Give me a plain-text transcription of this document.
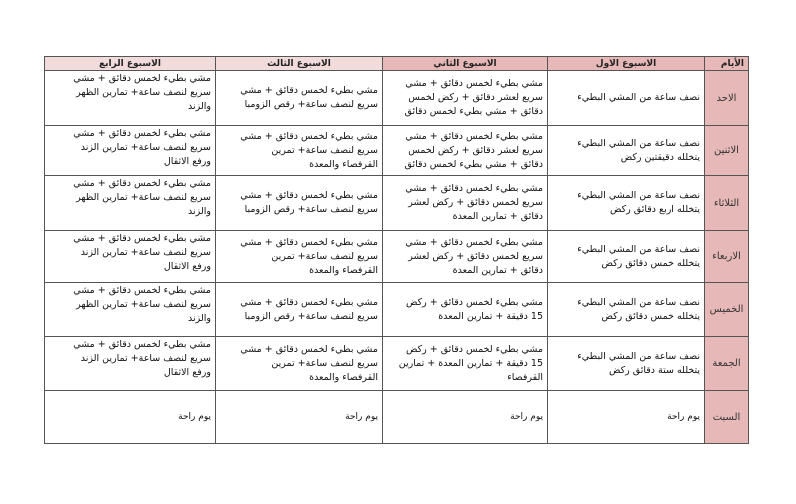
الأيام	الاسبوع الاول	الاسبوع الثاني	الاسبوع الثالث	الاسبوع الرابع
الاحد	نصف ساعة من المشي البطيء	مشي بطيء لخمس دقائق + مشي
سريع لعشر دقائق + ركض لخمس
دقائق + مشي بطيء لخمس دقائق	مشي بطيء لخمس دقائق + مشي
سريع لنصف ساعة+ رقص الزومبا	مشي بطيء لخمس دقائق + مشي
سريع لنصف ساعة+ تمارين الظهر
والزند
الاثنين	نصف ساعة من المشي البطيء
يتخلله دقيقتين ركض	مشي بطيء لخمس دقائق + مشي
سريع لعشر دقائق + ركض لخمس
دقائق + مشي بطيء لخمس دقائق	مشي بطيء لخمس دقائق + مشي
سريع لنصف ساعة+ تمرين
القرفصاء والمعدة	مشي بطيء لخمس دقائق + مشي
سريع لنصف ساعة+ تمارين الزند
ورفع الاثقال
الثلاثاء	نصف ساعة من المشي البطيء
يتخلله اربع دقائق ركض	مشي بطيء لخمس دقائق + مشي
سريع لخمس دقائق + ركض لعشر
دقائق + تمارين المعدة	مشي بطيء لخمس دقائق + مشي
سريع لنصف ساعة+ رقص الزومبا	مشي بطيء لخمس دقائق + مشي
سريع لنصف ساعة+ تمارين الظهر
والزند
الاربعاء	نصف ساعة من المشي البطيء
يتخلله خمس دقائق ركض	مشي بطيء لخمس دقائق + مشي
سريع لخمس دقائق + ركض لعشر
دقائق + تمارين المعدة	مشي بطيء لخمس دقائق + مشي
سريع لنصف ساعة+ تمرين
القرفصاء والمعدة	مشي بطيء لخمس دقائق + مشي
سريع لنصف ساعة+ تمارين الزند
ورفع الاثقال
الخميس	نصف ساعة من المشي البطيء
يتخلله خمس دقائق ركض	مشي بطيء لخمس دقائق + ركض
15 دقيقة + تمارين المعدة	مشي بطيء لخمس دقائق + مشي
سريع لنصف ساعة+ رقص الزومبا	مشي بطيء لخمس دقائق + مشي
سريع لنصف ساعة+ تمارين الظهر
والزند
الجمعة	نصف ساعة من المشي البطيء
يتخلله ستة دقائق ركض	مشي بطيء لخمس دقائق + ركض
15 دقيقة + تمارين المعدة + تمارين
القرفصاء	مشي بطيء لخمس دقائق + مشي
سريع لنصف ساعة+ تمرين
القرفصاء والمعدة	مشي بطيء لخمس دقائق + مشي
سريع لنصف ساعة+ تمارين الزند
ورفع الاثقال
السبت	يوم راحة	يوم راحة	يوم راحة	يوم راحة
